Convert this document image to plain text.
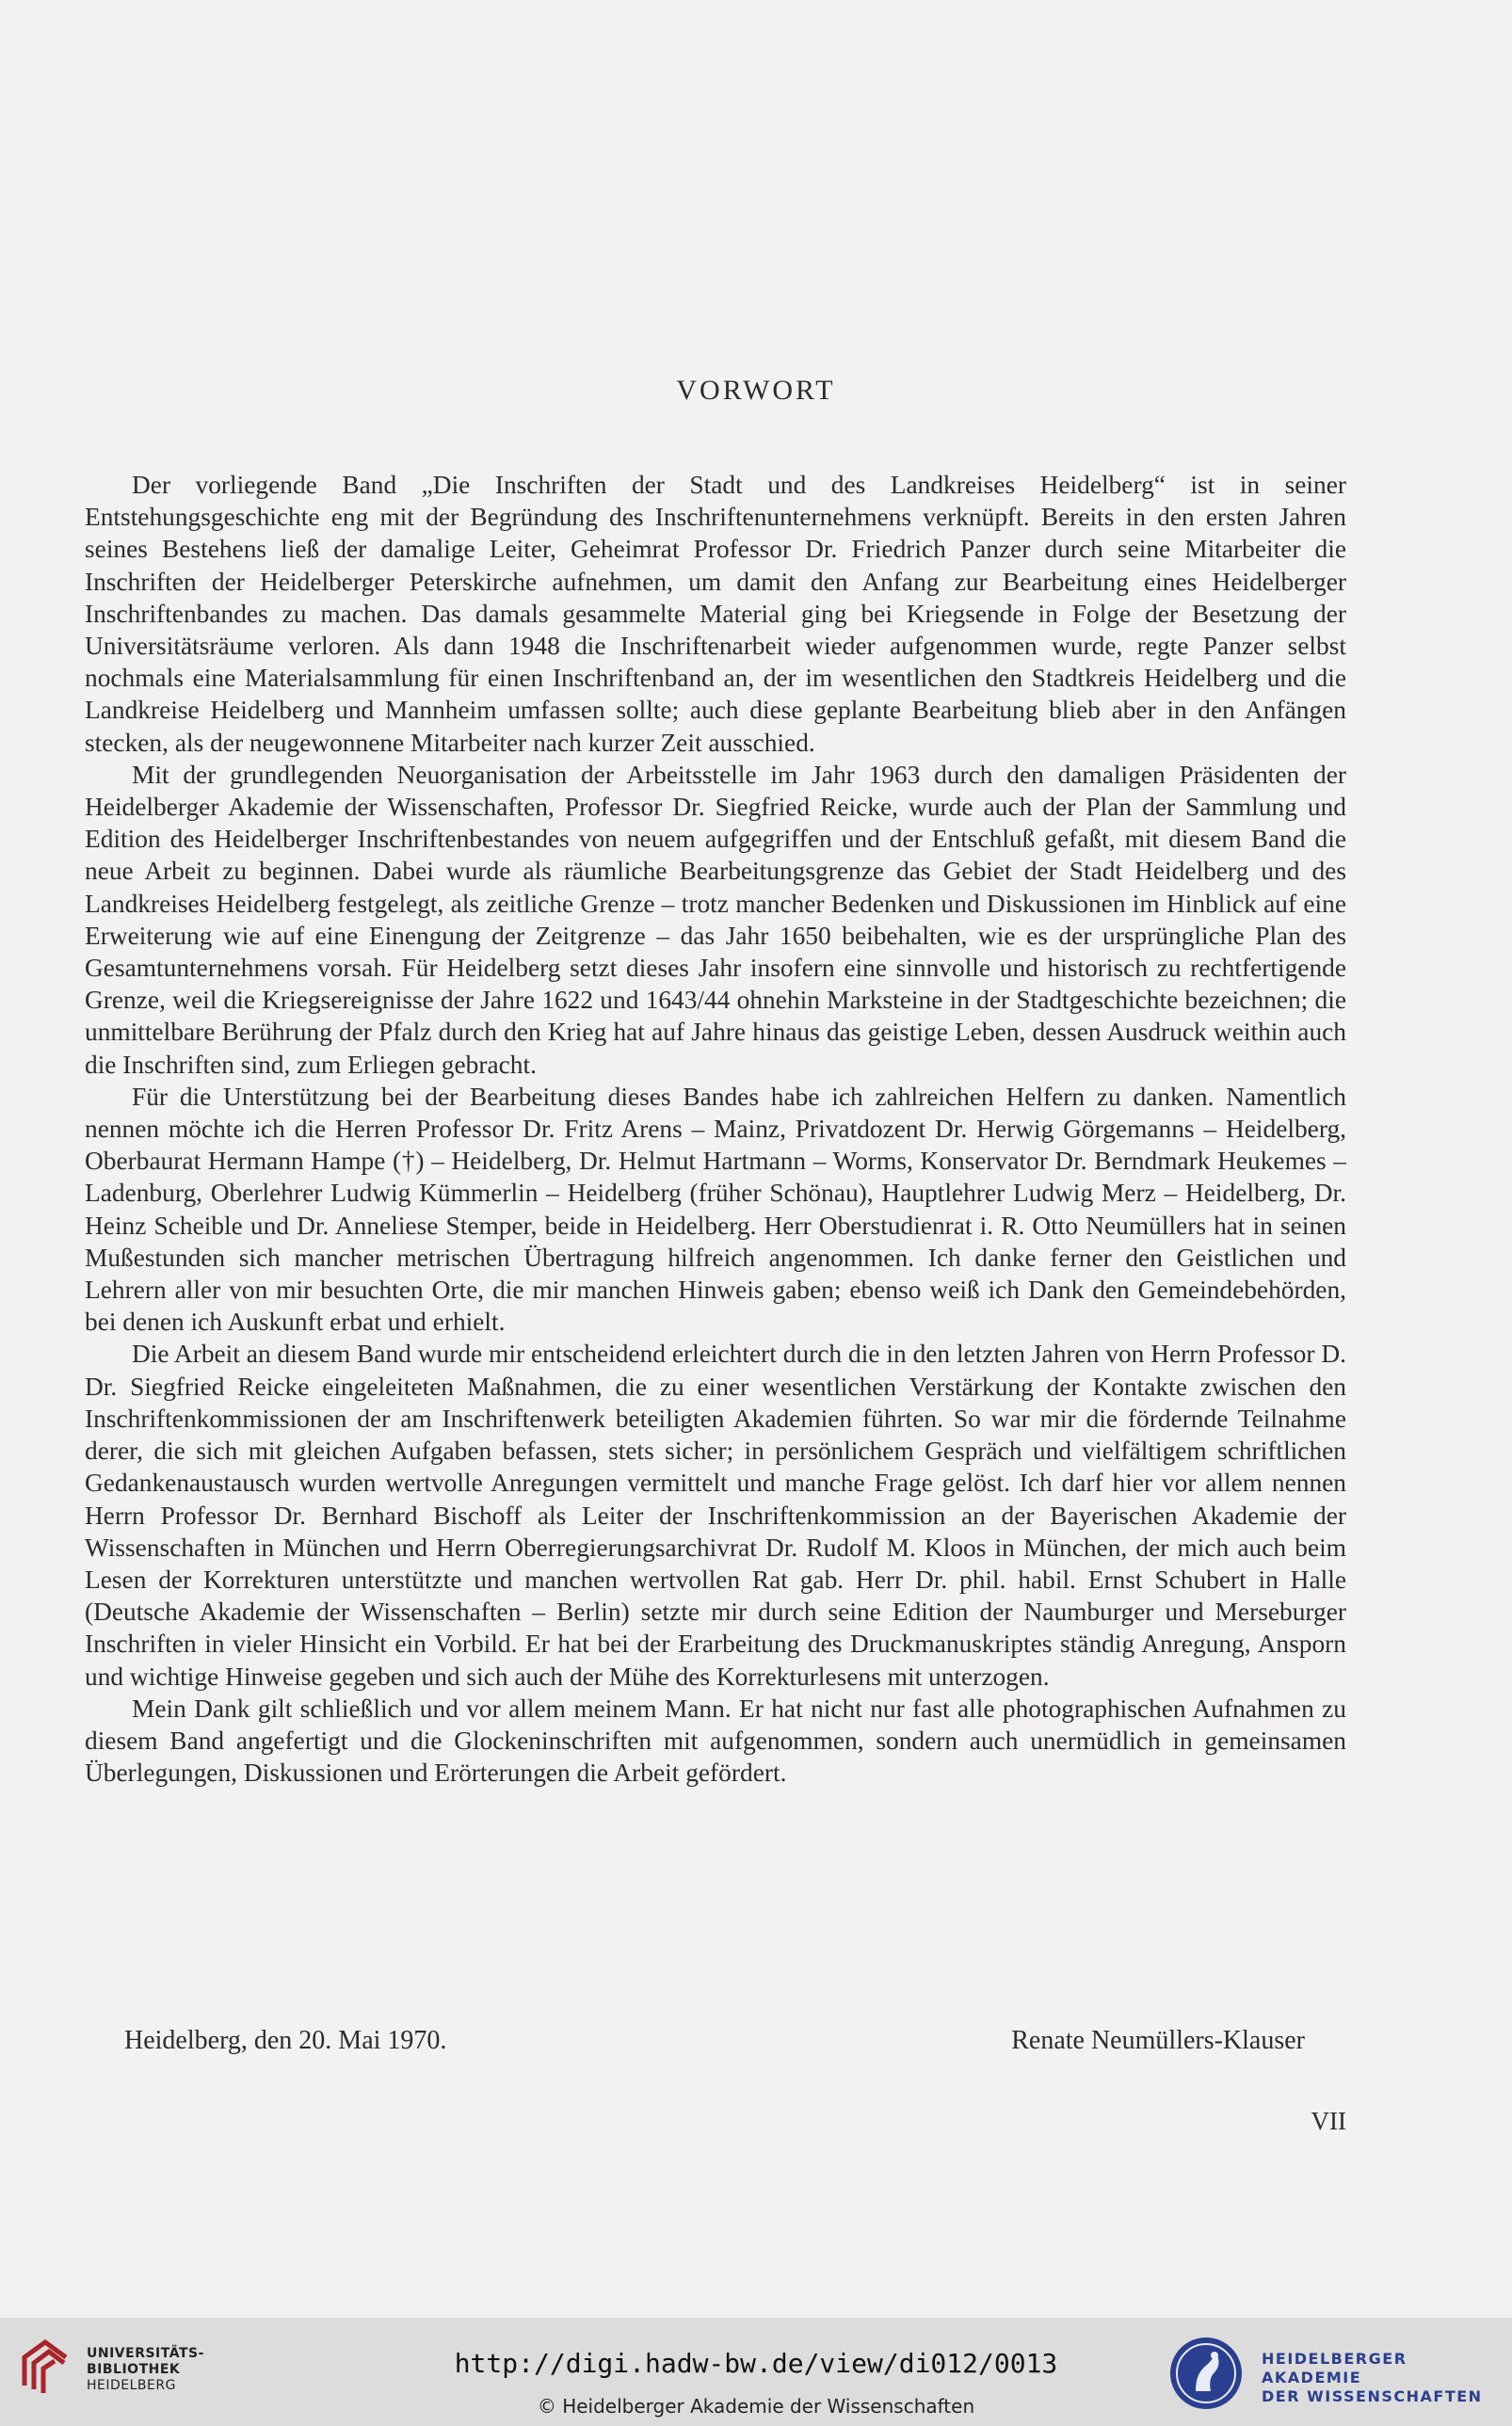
VORWORT

Der vorliegende Band „Die Inschriften der Stadt und des Landkreises Heidelberg“ ist in seiner Entstehungsgeschichte eng mit der Begründung des Inschriftenunternehmens verknüpft. Bereits in den ersten Jahren seines Bestehens ließ der damalige Leiter, Geheimrat Professor Dr. Friedrich Panzer durch seine Mitarbeiter die Inschriften der Heidelberger Peterskirche aufnehmen, um damit den Anfang zur Bearbeitung eines Heidelberger Inschriftenbandes zu machen. Das damals gesammelte Material ging bei Kriegsende in Folge der Besetzung der Universitätsräume verloren. Als dann 1948 die Inschriftenarbeit wieder aufgenommen wurde, regte Panzer selbst nochmals eine Materialsammlung für einen Inschriftenband an, der im wesentlichen den Stadtkreis Heidelberg und die Landkreise Heidelberg und Mannheim umfassen sollte; auch diese geplante Bearbeitung blieb aber in den Anfängen stecken, als der neugewonnene Mitarbeiter nach kurzer Zeit ausschied.

Mit der grundlegenden Neuorganisation der Arbeitsstelle im Jahr 1963 durch den damaligen Präsidenten der Heidelberger Akademie der Wissenschaften, Professor Dr. Siegfried Reicke, wurde auch der Plan der Sammlung und Edition des Heidelberger Inschriftenbestandes von neuem aufgegriffen und der Entschluß gefaßt, mit diesem Band die neue Arbeit zu beginnen. Dabei wurde als räumliche Bearbeitungsgrenze das Gebiet der Stadt Heidelberg und des Landkreises Heidelberg festgelegt, als zeitliche Grenze – trotz mancher Bedenken und Diskussionen im Hinblick auf eine Erweiterung wie auf eine Einengung der Zeitgrenze – das Jahr 1650 beibehalten, wie es der ursprüngliche Plan des Gesamtunternehmens vorsah. Für Heidelberg setzt dieses Jahr insofern eine sinnvolle und historisch zu rechtfertigende Grenze, weil die Kriegsereignisse der Jahre 1622 und 1643/44 ohnehin Marksteine in der Stadtgeschichte bezeichnen; die unmittelbare Berührung der Pfalz durch den Krieg hat auf Jahre hinaus das geistige Leben, dessen Ausdruck weithin auch die Inschriften sind, zum Erliegen gebracht.

Für die Unterstützung bei der Bearbeitung dieses Bandes habe ich zahlreichen Helfern zu danken. Namentlich nennen möchte ich die Herren Professor Dr. Fritz Arens – Mainz, Privatdozent Dr. Herwig Görgemanns – Heidelberg, Oberbaurat Hermann Hampe (†) – Heidelberg, Dr. Helmut Hartmann – Worms, Konservator Dr. Berndmark Heukemes – Ladenburg, Oberlehrer Ludwig Kümmerlin – Heidelberg (früher Schönau), Hauptlehrer Ludwig Merz – Heidelberg, Dr. Heinz Scheible und Dr. Anneliese Stemper, beide in Heidelberg. Herr Oberstudienrat i. R. Otto Neumüllers hat in seinen Mußestunden sich mancher metrischen Übertragung hilfreich angenommen. Ich danke ferner den Geistlichen und Lehrern aller von mir besuchten Orte, die mir manchen Hinweis gaben; ebenso weiß ich Dank den Gemeindebehörden, bei denen ich Auskunft erbat und erhielt.

Die Arbeit an diesem Band wurde mir entscheidend erleichtert durch die in den letzten Jahren von Herrn Professor D. Dr. Siegfried Reicke eingeleiteten Maßnahmen, die zu einer wesentlichen Verstärkung der Kontakte zwischen den Inschriftenkommissionen der am Inschriftenwerk beteiligten Akademien führten. So war mir die fördernde Teilnahme derer, die sich mit gleichen Aufgaben befassen, stets sicher; in persönlichem Gespräch und vielfältigem schriftlichen Gedankenaustausch wurden wertvolle Anregungen vermittelt und manche Frage gelöst. Ich darf hier vor allem nennen Herrn Professor Dr. Bernhard Bischoff als Leiter der Inschriftenkommission an der Bayerischen Akademie der Wissenschaften in München und Herrn Oberregierungsarchivrat Dr. Rudolf M. Kloos in München, der mich auch beim Lesen der Korrekturen unterstützte und manchen wertvollen Rat gab. Herr Dr. phil. habil. Ernst Schubert in Halle (Deutsche Akademie der Wissenschaften – Berlin) setzte mir durch seine Edition der Naumburger und Merseburger Inschriften in vieler Hinsicht ein Vorbild. Er hat bei der Erarbeitung des Druckmanuskriptes ständig Anregung, Ansporn und wichtige Hinweise gegeben und sich auch der Mühe des Korrekturlesens mit unterzogen.

Mein Dank gilt schließlich und vor allem meinem Mann. Er hat nicht nur fast alle photographischen Aufnahmen zu diesem Band angefertigt und die Glockeninschriften mit aufgenommen, sondern auch unermüdlich in gemeinsamen Überlegungen, Diskussionen und Erörterungen die Arbeit gefördert.

Heidelberg, den 20. Mai 1970.	Renate Neumüllers-Klauser
VII
UNIVERSITÄTS-
BIBLIOTHEK
HEIDELBERG
http://digi.hadw-bw.de/view/di012/0013
© Heidelberger Akademie der Wissenschaften
HEIDELBERGER AKADEMIE
DER WISSENSCHAFTEN
